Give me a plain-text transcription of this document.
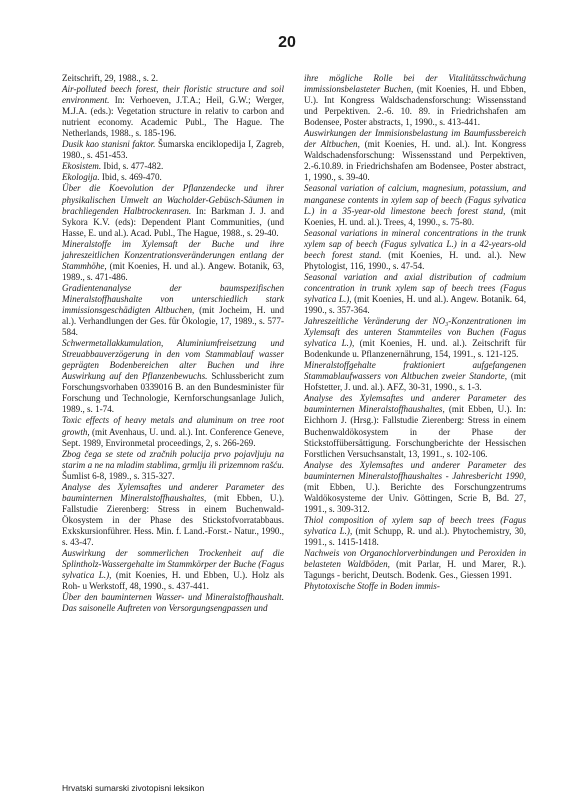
20

Zeitschrift, 29, 1988., s. 2.

Air-polluted beech forest, their floristic structure and soil environment. In: Verhoeven, J.T.A.; Heil, G.W.; Werger, M.J.A. (eds.): Vegetation structure in relativ to carbon and nutrient economy. Academic Publ., The Hague. The Netherlands, 1988., s. 185-196.

Dusik kao stanisni faktor. Šumarska enciklopedija I, Zagreb, 1980., s. 451-453.

Ekosistem. Ibid, s. 477-482.

Ekologija. Ibid, s. 469-470.

Über die Koevolution der Pflanzendecke und ihrer physikalischen Umwelt an Wacholder-Gebüsch-Säumen in brachliegenden Halbtrockenrasen. In: Barkman J. J. and Sykora K.V. (eds): Dependent Plant Communities, (und Hasse, E. und al.). Acad. Publ., The Hague, 1988., s. 29-40.

Mineralstoffe im Xylemsaft der Buche und ihre jahreszeitlichen Konzentrationsveränderungen entlang der Stammhöhe, (mit Koenies, H. und al.). Angew. Botanik, 63, 1989., s. 471-486.

Gradientenanalyse der baumspezifischen Mineralstoffhaushalte von unterschiedlich stark immissionsgeschädigten Altbuchen, (mit Jocheim, H. und al.). Verhandlungen der Ges. für Ökologie, 17, 1989., s. 577-584.

Schwermetallakkumulation, Aluminiumfreisetzung und Streuabbauverzögerung in den vom Stammablauf wasser geprägten Bodenbereichen alter Buchen und ihre Auswirkung auf den Pflanzenbewuchs. Schlussbericht zum Forschungsvorhaben 0339016 B. an den Bundesminister für Forschung und Technologie, Kernforschungsanlage Julich, 1989., s. 1-74.

Toxic effects of heavy metals and aluminum on tree root growth, (mit Avenhaus, U. und. al.). Int. Conference Geneve, Sept. 1989, Environmetal proceedings, 2, s. 266-269.

Zbog čega se stete od zračnih polucija prvo pojavljuju na starim a ne na mladim stablima, grmlju ili prizemnom rašću. Šumlist 6-8, 1989., s. 315-327.

Analyse des Xylemsaftes und anderer Parameter des bauminternen Mineralstoffhaushaltes, (mit Ebben, U.). Fallstudie Zierenberg: Stress in einem Buchenwald-Ökosystem in der Phase des Stickstofvorratabbaus. Exkskursionführer. Hess. Min. f. Land.-Forst.- Natur., 1990., s. 43-47.

Auswirkung der sommerlichen Trockenheit auf die Splintholz-Wassergehalte im Stammkörper der Buche (Fagus sylvatica L.), (mit Koenies, H. und Ebben, U.). Holz als Roh- u Werkstoff, 48, 1990., s. 437-441.

Über den bauminternen Wasser- und Mineralstoffhaushalt. Das saisonelle Auftreten von Versorgungsengpassen und

ihre mögliche Rolle bei der Vitalitätsschwächung immissionsbelasteter Buchen, (mit Koenies, H. und Ebben, U.). Int Kongress Waldschadensforschung: Wissensstand und Perpektiven. 2.-6. 10. 89. in Friedrichshafen am Bodensee, Poster abstracts, 1, 1990., s. 413-441.

Auswirkungen der Immisionsbelastung im Baumfussbereich der Altbuchen, (mit Koenies, H. und. al.). Int. Kongress Waldschadensforschung: Wissensstand und Perpektiven, 2.-6.10.89. in Friedrichshafen am Bodensee, Poster abstract, 1, 1990., s. 39-40.

Seasonal variation of calcium, magnesium, potassium, and manganese contents in xylem sap of beech (Fagus sylvatica L.) in a 35-year-old limestone beech forest stand, (mit Koenies, H. und. al.). Trees, 4, 1990., s. 75-80.

Seasonal variations in mineral concentrations in the trunk xylem sap of beech (Fagus sylvatica L.) in a 42-years-old beech forest stand. (mit Koenies, H. und. al.). New Phytologist, 116, 1990., s. 47-54.

Seasonal variation and axial distribution of cadmium concentration in trunk xylem sap of beech trees (Fagus sylvatica L.), (mit Koenies, H. und al.). Angew. Botanik. 64, 1990., s. 357-364.

Jahreszeitliche Veränderung der NO₃-Konzentrationen im Xylemsaft des unteren Stammteiles von Buchen (Fagus sylvatica L.), (mit Koenies, H. und. al.). Zeitschrift für Bodenkunde u. Pflanzenernährung, 154, 1991., s. 121-125.

Mineralstoffgehalte fraktioniert aufgefangenen Stammablaufwassers von Altbuchen zweier Standorte, (mit Hofstetter, J. und. al.). AFZ, 30-31, 1990., s. 1-3.

Analyse des Xylemsaftes und anderer Parameter des bauminternen Mineralstoffhaushaltes, (mit Ebben, U.). In: Eichhorn J. (Hrsg.): Fallstudie Zierenberg: Stress in einem Buchenwaldökosystem in der Phase der Stickstoffübersättigung. Forschungberichte der Hessischen Forstlichen Versuchsanstalt, 13, 1991., s. 102-106.

Analyse des Xylemsaftes und anderer Parameter des bauminternen Mineralstoffhaushaltes - Jahresbericht 1990, (mit Ebben, U.). Berichte des Forschungzentrums Waldökosysteme der Univ. Göttingen, Scrie B, Bd. 27, 1991., s. 309-312.

Thiol composition of xylem sap of beech trees (Fagus sylvatica L.), (mit Schupp, R. und al.). Phytochemistry, 30, 1991., s. 1415-1418.

Nachweis von Organochlorverbindungen und Peroxiden in belasteten Waldböden, (mit Parlar, H. und Marer, R.). Tagungs - bericht, Deutsch. Bodenk. Ges., Giessen 1991.

Phytotoxische Stoffe in Boden immis-

Hrvatski sumarski zivotopisni leksikon
